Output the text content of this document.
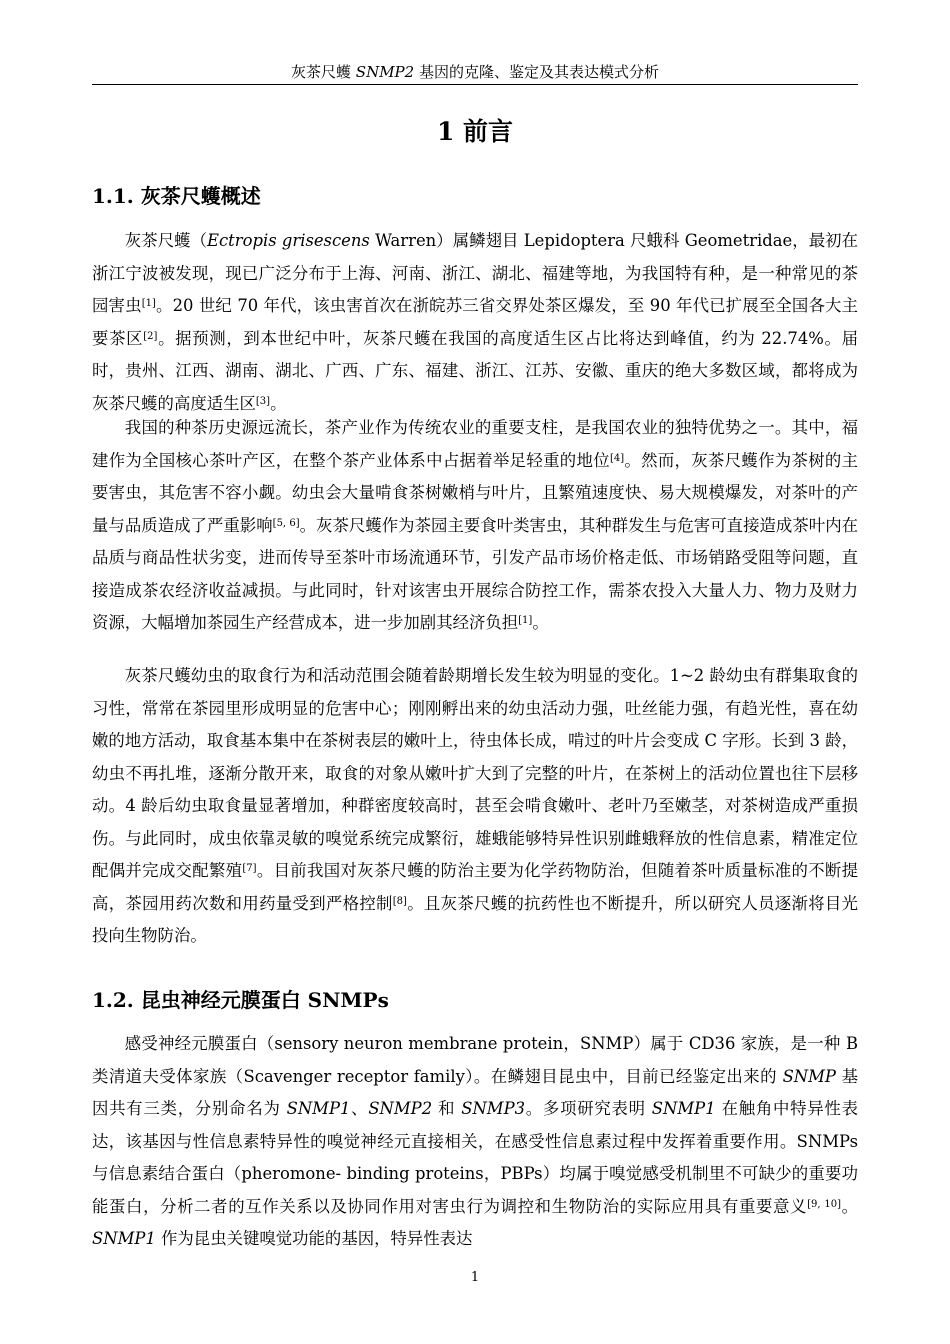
灰茶尺蠖 SNMP2 基因的克隆、鉴定及其表达模式分析
1 前言
1.1. 灰茶尺蠖概述

灰茶尺蠖（Ectropis grisescens Warren）属鳞翅目 Lepidoptera 尺蛾科 Geometridae，最初在浙江宁波被发现，现已广泛分布于上海、河南、浙江、湖北、福建等地，为我国特有种，是一种常见的茶园害虫[1]。20 世纪 70 年代，该虫害首次在浙皖苏三省交界处茶区爆发，至 90 年代已扩展至全国各大主要茶区[2]。据预测，到本世纪中叶，灰茶尺蠖在我国的高度适生区占比将达到峰值，约为 22.74%。届时，贵州、江西、湖南、湖北、广西、广东、福建、浙江、江苏、安徽、重庆的绝大多数区域，都将成为灰茶尺蠖的高度适生区[3]。

我国的种茶历史源远流长，茶产业作为传统农业的重要支柱，是我国农业的独特优势之一。其中，福建作为全国核心茶叶产区，在整个茶产业体系中占据着举足轻重的地位[4]。然而，灰茶尺蠖作为茶树的主要害虫，其危害不容小觑。幼虫会大量啃食茶树嫩梢与叶片，且繁殖速度快、易大规模爆发，对茶叶的产量与品质造成了严重影响[5, 6]。灰茶尺蠖作为茶园主要食叶类害虫，其种群发生与危害可直接造成茶叶内在品质与商品性状劣变，进而传导至茶叶市场流通环节，引发产品市场价格走低、市场销路受阻等问题，直接造成茶农经济收益减损。与此同时，针对该害虫开展综合防控工作，需茶农投入大量人力、物力及财力资源，大幅增加茶园生产经营成本，进一步加剧其经济负担[1]。

灰茶尺蠖幼虫的取食行为和活动范围会随着龄期增长发生较为明显的变化。1~2 龄幼虫有群集取食的习性，常常在茶园里形成明显的危害中心；刚刚孵出来的幼虫活动力强，吐丝能力强，有趋光性，喜在幼嫩的地方活动，取食基本集中在茶树表层的嫩叶上，待虫体长成，啃过的叶片会变成 C 字形。长到 3 龄，幼虫不再扎堆，逐渐分散开来，取食的对象从嫩叶扩大到了完整的叶片，在茶树上的活动位置也往下层移动。4 龄后幼虫取食量显著增加，种群密度较高时，甚至会啃食嫩叶、老叶乃至嫩茎，对茶树造成严重损伤。与此同时，成虫依靠灵敏的嗅觉系统完成繁衍，雄蛾能够特异性识别雌蛾释放的性信息素，精准定位配偶并完成交配繁殖[7]。目前我国对灰茶尺蠖的防治主要为化学药物防治，但随着茶叶质量标准的不断提高，茶园用药次数和用药量受到严格控制[8]。且灰茶尺蠖的抗药性也不断提升，所以研究人员逐渐将目光投向生物防治。

1.2. 昆虫神经元膜蛋白 SNMPs

感受神经元膜蛋白（sensory neuron membrane protein，SNMP）属于 CD36 家族，是一种 B 类清道夫受体家族（Scavenger receptor family）。在鳞翅目昆虫中，目前已经鉴定出来的 SNMP 基因共有三类，分别命名为 SNMP1、SNMP2 和 SNMP3。多项研究表明 SNMP1 在触角中特异性表达，该基因与性信息素特异性的嗅觉神经元直接相关，在感受性信息素过程中发挥着重要作用。SNMPs 与信息素结合蛋白（pheromone- binding proteins，PBPs）均属于嗅觉感受机制里不可缺少的重要功能蛋白，分析二者的互作关系以及协同作用对害虫行为调控和生物防治的实际应用具有重要意义[9, 10]。SNMP1 作为昆虫关键嗅觉功能的基因，特异性表达

1
